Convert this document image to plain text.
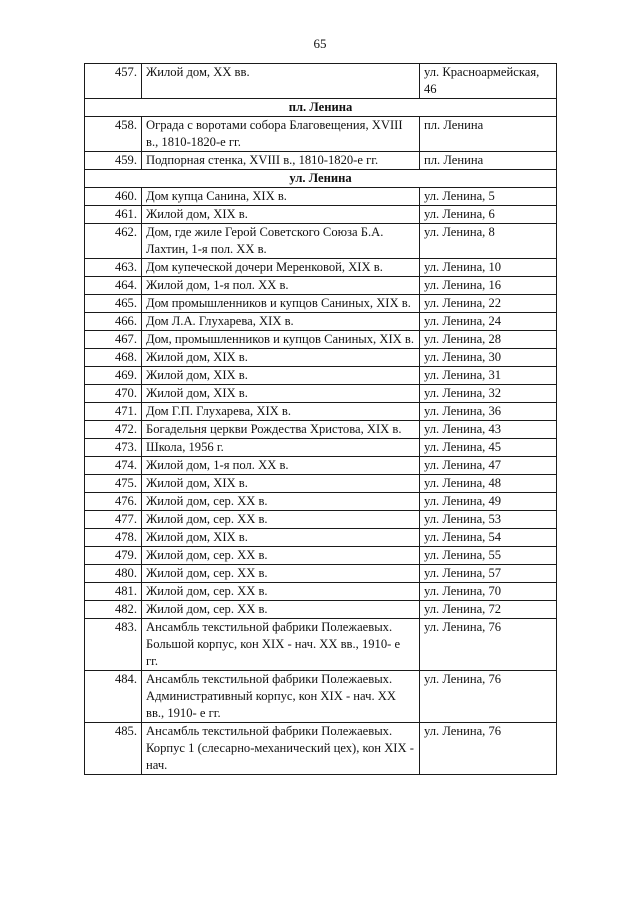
65
457.	Жилой дом, XX вв.	ул. Красноармейская, 46
пл. Ленина		
458.	Ограда с воротами собора Благовещения, XVIII в., 1810-1820-е гг.	пл. Ленина
459.	Подпорная стенка, XVIII в., 1810-1820-е гг.	пл. Ленина
ул. Ленина		
460.	Дом купца Санина, XIX в.	ул. Ленина, 5
461.	Жилой дом, XIX в.	ул. Ленина, 6
462.	Дом, где жиле Герой Советского Союза Б.А. Лахтин, 1-я пол. XX в.	ул. Ленина, 8
463.	Дом купеческой дочери Меренковой, XIX в.	ул. Ленина, 10
464.	Жилой дом, 1-я пол. XX в.	ул. Ленина, 16
465.	Дом промышленников и купцов Саниных, XIX в.	ул. Ленина, 22
466.	Дом Л.А. Глухарева, XIX в.	ул. Ленина, 24
467.	Дом, промышленников и купцов Саниных, XIX в.	ул. Ленина, 28
468.	Жилой дом, XIX в.	ул. Ленина, 30
469.	Жилой дом, XIX в.	ул. Ленина, 31
470.	Жилой дом, XIX в.	ул. Ленина, 32
471.	Дом Г.П. Глухарева, XIX в.	ул. Ленина, 36
472.	Богадельня церкви Рождества Христова, XIX в.	ул. Ленина, 43
473.	Школа, 1956 г.	ул. Ленина, 45
474.	Жилой дом, 1-я пол. XX в.	ул. Ленина, 47
475.	Жилой дом, XIX в.	ул. Ленина, 48
476.	Жилой дом, сер. XX в.	ул. Ленина, 49
477.	Жилой дом, сер. XX в.	ул. Ленина, 53
478.	Жилой дом, XIX в.	ул. Ленина, 54
479.	Жилой дом, сер. XX в.	ул. Ленина, 55
480.	Жилой дом, сер. XX в.	ул. Ленина, 57
481.	Жилой дом, сер. XX в.	ул. Ленина, 70
482.	Жилой дом, сер. XX в.	ул. Ленина, 72
483.	Ансамбль текстильной фабрики Полежаевых. Большой корпус, кон XIX - нач. XX вв., 1910- е гг.	ул. Ленина, 76
484.	Ансамбль текстильной фабрики Полежаевых. Административный корпус, кон XIX - нач. XX вв., 1910- е гг.	ул. Ленина, 76
485.	Ансамбль текстильной фабрики Полежаевых. Корпус 1 (слесарно-механический цех), кон XIX - нач.	ул. Ленина, 76
